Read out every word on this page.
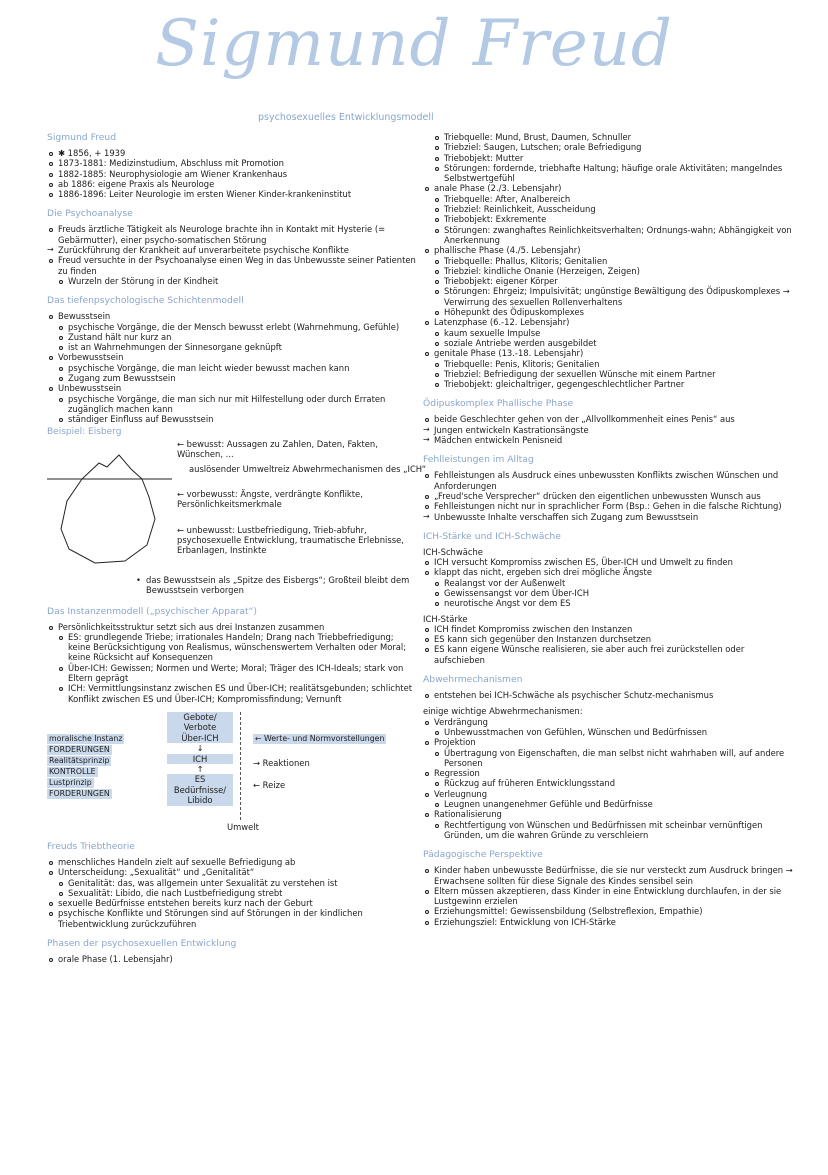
Sigmund Freud
psychosexuelles Entwicklungsmodell
Sigmund Freud
✱ 1856, + 1939
1873-1881: Medizinstudium, Abschluss mit Promotion
1882-1885: Neurophysiologie am Wiener Krankenhaus
ab 1886: eigene Praxis als Neurologe
1886-1896: Leiter Neurologie im ersten Wiener Kinder-krankeninstitut
Die Psychoanalyse
Freuds ärztliche Tätigkeit als Neurologe brachte ihn in Kontakt mit Hysterie (= Gebärmutter), einer psycho-somatischen Störung
→ Zurückführung der Krankheit auf unverarbeitete psychische Konflikte
Freud versuchte in der Psychoanalyse einen Weg in das Unbewusste seiner Patienten zu finden
Wurzeln der Störung in der Kindheit
Das tiefenpsychologische Schichtenmodell
Bewusstsein
psychische Vorgänge, die der Mensch bewusst erlebt (Wahrnehmung, Gefühle)
Zustand hält nur kurz an
ist an Wahrnehmungen der Sinnesorgane geknüpft
Vorbewusstsein
psychische Vorgänge, die man leicht wieder bewusst machen kann
Zugang zum Bewusstsein
Unbewusstsein
psychische Vorgänge, die man sich nur mit Hilfestellung oder durch Erraten zugänglich machen kann
ständiger Einfluss auf Bewusstsein
Beispiel: Eisberg
← bewusst: Aussagen zu Zahlen, Daten, Fakten, Wünschen, ...
auslösender Umweltreiz Abwehrmechanismen des „ICH“
← vorbewusst: Ängste, verdrängte Konflikte, Persönlichkeitsmerkmale
← unbewusst: Lustbefriedigung, Trieb-abfuhr, psychosexuelle Entwicklung, traumatische Erlebnisse, Erbanlagen, Instinkte
• das Bewusstsein als „Spitze des Eisbergs“; Großteil bleibt dem Bewusstsein verborgen
Das Instanzenmodell („psychischer Apparat“)
Persönlichkeitsstruktur setzt sich aus drei Instanzen zusammen
ES: grundlegende Triebe; irrationales Handeln; Drang nach Triebbefriedigung; keine Berücksichtigung von Realismus, wünschenswertem Verhalten oder Moral; keine Rücksicht auf Konsequenzen
Über-ICH: Gewissen; Normen und Werte; Moral; Träger des ICH-Ideals; stark von Eltern geprägt
ICH: Vermittlungsinstanz zwischen ES und Über-ICH; realitätsgebunden; schlichtet Konflikt zwischen ES und Über-ICH; Kompromissfindung; Vernunft
moralische Instanz
FORDERUNGEN
Realitätsprinzip
KONTROLLE
Lustprinzip
FORDERUNGEN
Gebote/
Verbote
Über-ICH
↓
ICH
↑
ES
Bedürfnisse/
Libido
← Werte- und Normvorstellungen
→ Reaktionen
← Reize
Umwelt
Freuds Triebtheorie
menschliches Handeln zielt auf sexuelle Befriedigung ab
Unterscheidung: „Sexualität“ und „Genitalität“
Genitalität: das, was allgemein unter Sexualität zu verstehen ist
Sexualität: Libido, die nach Lustbefriedigung strebt
sexuelle Bedürfnisse entstehen bereits kurz nach der Geburt
psychische Konflikte und Störungen sind auf Störungen in der kindlichen Triebentwicklung zurückzuführen
Phasen der psychosexuellen Entwicklung
orale Phase (1. Lebensjahr)
Triebquelle: Mund, Brust, Daumen, Schnuller
Triebziel: Saugen, Lutschen; orale Befriedigung
Triebobjekt: Mutter
Störungen: fordernde, triebhafte Haltung; häufige orale Aktivitäten; mangelndes Selbstwertgefühl
anale Phase (2./3. Lebensjahr)
Triebquelle: After, Analbereich
Triebziel: Reinlichkeit, Ausscheidung
Triebobjekt: Exkremente
Störungen: zwanghaftes Reinlichkeitsverhalten; Ordnungs-wahn; Abhängigkeit von Anerkennung
phallische Phase (4./5. Lebensjahr)
Triebquelle: Phallus, Klitoris; Genitalien
Triebziel: kindliche Onanie (Herzeigen, Zeigen)
Triebobjekt: eigener Körper
Störungen: Ehrgeiz; Impulsivität; ungünstige Bewältigung des Ödipuskomplexes → Verwirrung des sexuellen Rollenverhaltens
Höhepunkt des Ödipuskomplexes
Latenzphase (6.-12. Lebensjahr)
kaum sexuelle Impulse
soziale Antriebe werden ausgebildet
genitale Phase (13.-18. Lebensjahr)
Triebquelle: Penis, Klitoris; Genitalien
Triebziel: Befriedigung der sexuellen Wünsche mit einem Partner
Triebobjekt: gleichaltriger, gegengeschlechtlicher Partner
Ödipuskomplex Phallische Phase
beide Geschlechter gehen von der „Allvollkommenheit eines Penis“ aus
→ Jungen entwickeln Kastrationsängste
→ Mädchen entwickeln Penisneid
Fehlleistungen im Alltag
Fehlleistungen als Ausdruck eines unbewussten Konflikts zwischen Wünschen und Anforderungen
„Freud'sche Versprecher“ drücken den eigentlichen unbewussten Wunsch aus
Fehlleistungen nicht nur in sprachlicher Form (Bsp.: Gehen in die falsche Richtung)
→ Unbewusste Inhalte verschaffen sich Zugang zum Bewusstsein
ICH-Stärke und ICH-Schwäche

ICH-Schwäche

ICH versucht Kompromiss zwischen ES, Über-ICH und Umwelt zu finden
klappt das nicht, ergeben sich drei mögliche Ängste
Realangst vor der Außenwelt
Gewissensangst vor dem Über-ICH
neurotische Angst vor dem ES

ICH-Stärke

ICH findet Kompromiss zwischen den Instanzen
ES kann sich gegenüber den Instanzen durchsetzen
ES kann eigene Wünsche realisieren, sie aber auch frei zurückstellen oder aufschieben
Abwehrmechanismen
entstehen bei ICH-Schwäche als psychischer Schutz-mechanismus

einige wichtige Abwehrmechanismen:

Verdrängung
Unbewusstmachen von Gefühlen, Wünschen und Bedürfnissen
Projektion
Übertragung von Eigenschaften, die man selbst nicht wahrhaben will, auf andere Personen
Regression
Rückzug auf früheren Entwicklungsstand
Verleugnung
Leugnen unangenehmer Gefühle und Bedürfnisse
Rationalisierung
Rechtfertigung von Wünschen und Bedürfnissen mit scheinbar vernünftigen Gründen, um die wahren Gründe zu verschleiern
Pädagogische Perspektive
Kinder haben unbewusste Bedürfnisse, die sie nur versteckt zum Ausdruck bringen → Erwachsene sollten für diese Signale des Kindes sensibel sein
Eltern müssen akzeptieren, dass Kinder in eine Entwicklung durchlaufen, in der sie Lustgewinn erzielen
Erziehungsmittel: Gewissensbildung (Selbstreflexion, Empathie)
Erziehungsziel: Entwicklung von ICH-Stärke
